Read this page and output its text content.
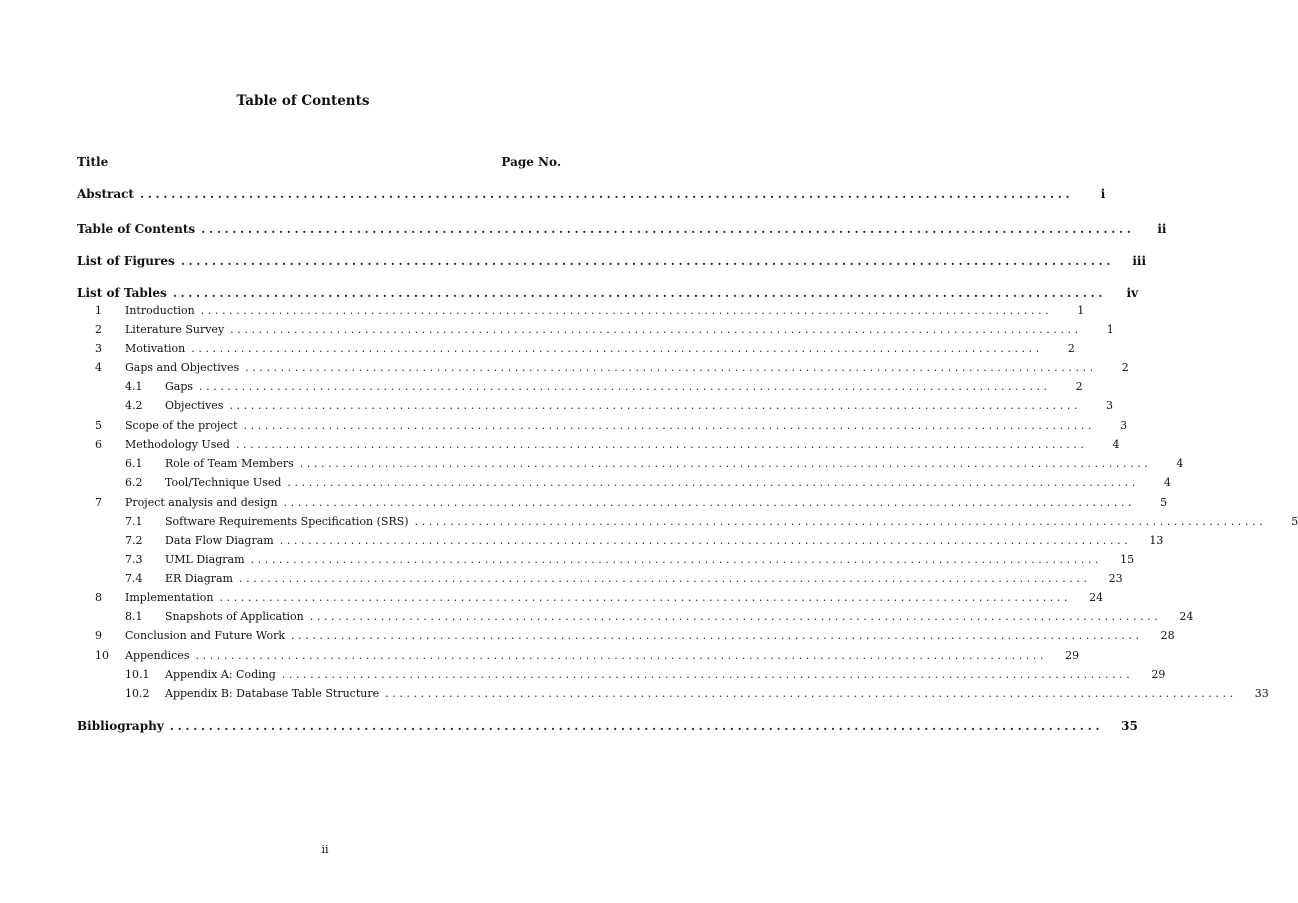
Table of Contents
Title	Page No.
Abstract ........................................................................................................................	i
Table of Contents ........................................................................................................................	ii
List of Figures ........................................................................................................................ iii
List of Tables ........................................................................................................................ iv
1	Introduction ........................................................................................................................	1
2	Literature Survey ........................................................................................................................	1
3	Motivation ........................................................................................................................	2
4	Gaps and Objectives ........................................................................................................................	2
4.1	Gaps ........................................................................................................................	2
4.2	Objectives ........................................................................................................................	3
5	Scope of the project ........................................................................................................................	3
6	Methodology Used ........................................................................................................................	4
6.1	Role of Team Members ........................................................................................................................	4
6.2	Tool/Technique Used ........................................................................................................................	4
7	Project analysis and design ........................................................................................................................	5
7.1	Software Requirements Specification (SRS) ........................................................................................................................	5
7.2	Data Flow Diagram ........................................................................................................................ 13
7.3	UML Diagram ........................................................................................................................ 15
7.4	ER Diagram ........................................................................................................................ 23
8	Implementation ........................................................................................................................ 24
8.1	Snapshots of Application ........................................................................................................................ 24
9	Conclusion and Future Work ........................................................................................................................ 28
10	Appendices ........................................................................................................................ 29
10.1	Appendix A: Coding ........................................................................................................................ 29
10.2	Appendix B: Database Table Structure ........................................................................................................................ 33
Bibliography ........................................................................................................................ 35
ii
